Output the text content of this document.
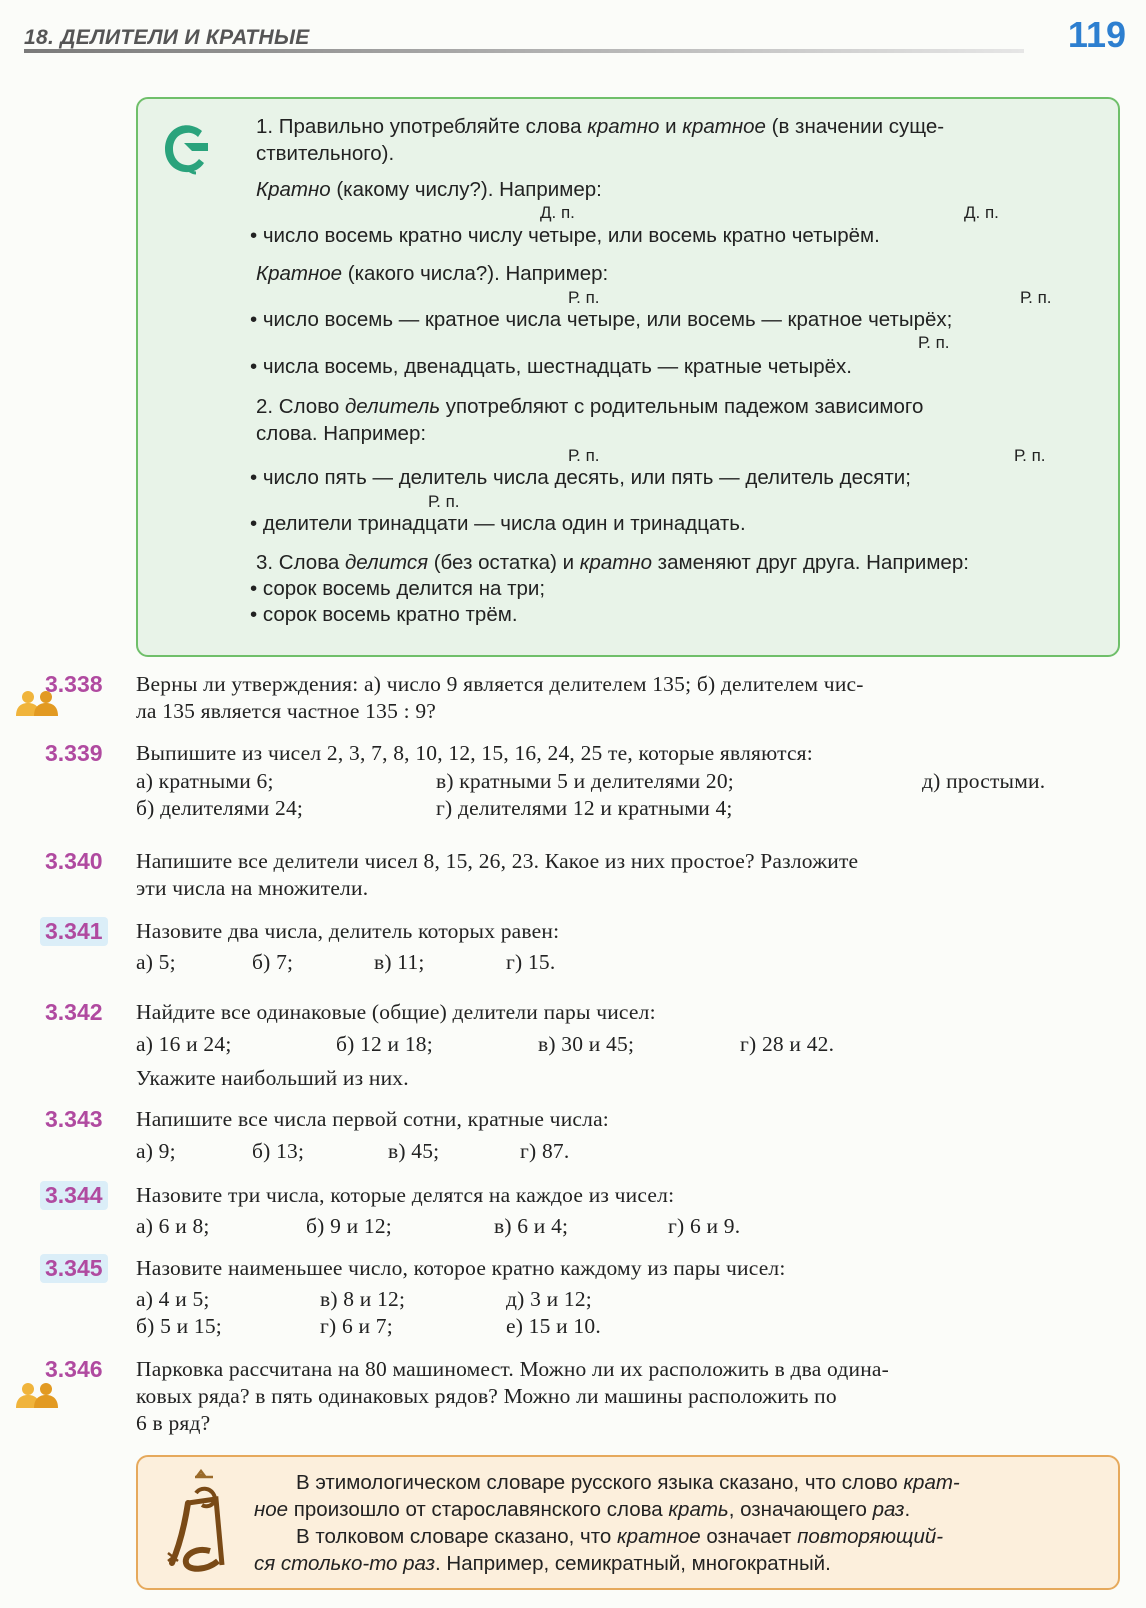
18. ДЕЛИТЕЛИ И КРАТНЫЕ	119
1. Правильно употребляйте слова кратно и кратное (в значении суще-
ствительного).
Кратно (какому числу?). Например:
Д. п.	Д. п.
• число восемь кратно числу четыре, или восемь кратно четырём.
Кратное (какого числа?). Например:
Р. п.	Р. п.
• число восемь — кратное числа четыре, или восемь — кратное четырёх;
Р. п.
• числа восемь, двенадцать, шестнадцать — кратные четырёх.
2. Слово делитель употребляют с родительным падежом зависимого
слова. Например:
Р. п.	Р. п.
• число пять — делитель числа десять, или пять — делитель десяти;
Р. п.
• делители тринадцати — числа один и тринадцать.
3. Слова делится (без остатка) и кратно заменяют друг друга. Например:
• сорок восемь делится на три;
• сорок восемь кратно трём.
3.338 Верны ли утверждения: а) число 9 является делителем 135; б) делителем чис-
ла 135 является частное 135 : 9?
3.339 Выпишите из чисел 2, 3, 7, 8, 10, 12, 15, 16, 24, 25 те, которые являются:
а) кратными 6;	в) кратными 5 и делителями 20;	д) простыми.
б) делителями 24;	г) делителями 12 и кратными 4;
3.340 Напишите все делители чисел 8, 15, 26, 23. Какое из них простое? Разложите
эти числа на множители.
3.341 Назовите два числа, делитель которых равен:
а) 5;	б) 7;	в) 11;	г) 15.
3.342 Найдите все одинаковые (общие) делители пары чисел:
а) 16 и 24;	б) 12 и 18;	в) 30 и 45;	г) 28 и 42.
Укажите наибольший из них.
3.343 Напишите все числа первой сотни, кратные числа:
а) 9;	б) 13;	в) 45;	г) 87.
3.344 Назовите три числа, которые делятся на каждое из чисел:
а) 6 и 8;	б) 9 и 12;	в) 6 и 4;	г) 6 и 9.
3.345 Назовите наименьшее число, которое кратно каждому из пары чисел:
а) 4 и 5;	в) 8 и 12;	д) 3 и 12;
б) 5 и 15;	г) 6 и 7;	е) 15 и 10.
3.346 Парковка рассчитана на 80 машиномест. Можно ли их расположить в два одина-
ковых ряда? в пять одинаковых рядов? Можно ли машины расположить по
6 в ряд?
В этимологическом словаре русского языка сказано, что слово крат-
ное произошло от старославянского слова крать, означающего раз.
В толковом словаре сказано, что кратное означает повторяющий-
ся столько-то раз. Например, семикратный, многократный.
